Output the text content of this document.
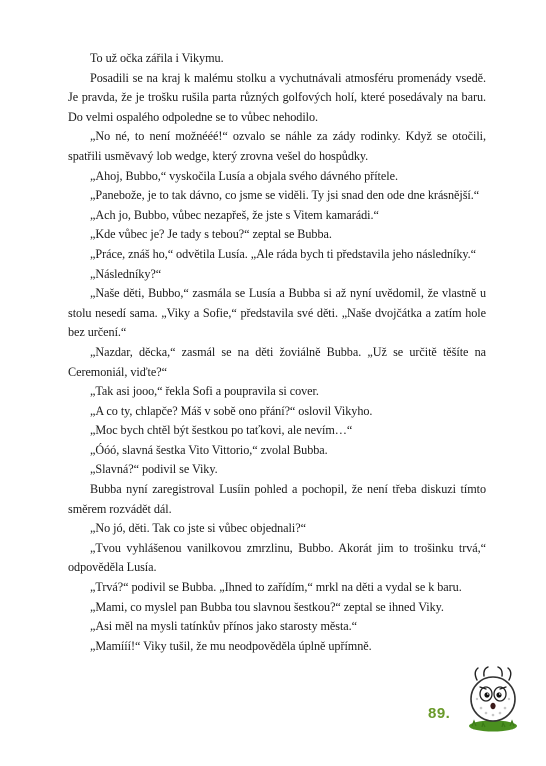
To už očka zářila i Vikymu.

Posadili se na kraj k malému stolku a vychutnávali atmosféru promenády vsedě. Je pravda, že je trošku rušila parta různých golfových holí, které posedávaly na baru. Do velmi ospalého odpoledne se to vůbec nehodilo.

„No né, to není možnééé!“ ozvalo se náhle za zády rodinky. Když se otočili, spatřili usměvavý lob wedge, který zrovna vešel do hospůdky.

„Ahoj, Bubbo,“ vyskočila Lusía a objala svého dávného přítele.

„Panebože, je to tak dávno, co jsme se viděli. Ty jsi snad den ode dne krásnější.“

„Ach jo, Bubbo, vůbec nezapřeš, že jste s Vitem kamarádi.“

„Kde vůbec je? Je tady s tebou?“ zeptal se Bubba.

„Práce, znáš ho,“ odvětila Lusía. „Ale ráda bych ti představila jeho následníky.“

„Následníky?“

„Naše děti, Bubbo,“ zasmála se Lusía a Bubba si až nyní uvědomil, že vlastně u stolu nesedí sama. „Viky a Sofie,“ představila své děti. „Naše dvojčátka a zatím hole bez určení.“

„Nazdar, děcka,“ zasmál se na děti žoviálně Bubba. „Už se určitě těšíte na Ceremoniál, viďte?“

„Tak asi jooo,“ řekla Sofi a poupravila si cover.

„A co ty, chlapče? Máš v sobě ono přání?“ oslovil Vikyho.

„Moc bych chtěl být šestkou po taťkovi, ale nevím…“

„Óóó, slavná šestka Vito Vittorio,“ zvolal Bubba.

„Slavná?“ podivil se Viky.

Bubba nyní zaregistroval Lusíin pohled a pochopil, že není třeba diskuzi tímto směrem rozvádět dál.

„No jó, děti. Tak co jste si vůbec objednali?“

„Tvou vyhlášenou vanilkovou zmrzlinu, Bubbo. Akorát jim to trošinku trvá,“ odpověděla Lusía.

„Trvá?“ podivil se Bubba. „Ihned to zařídím,“ mrkl na děti a vydal se k baru.

„Mami, co myslel pan Bubba tou slavnou šestkou?“ zeptal se ihned Viky.

„Asi měl na mysli tatínkův přínos jako starosty města.“

„Mamííí!“ Viky tušil, že mu neodpověděla úplně upřímně.

89.
